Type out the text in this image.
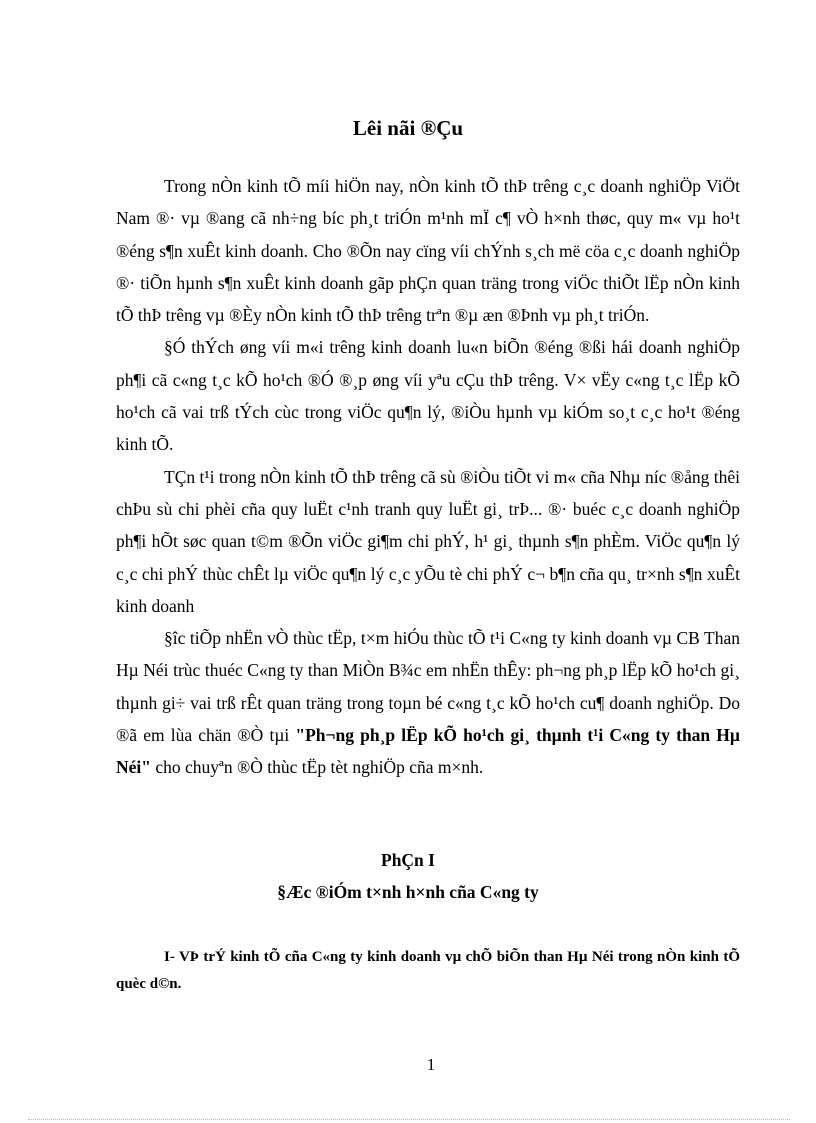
Lêi nãi ®Çu

Trong nÒn kinh tÕ míi hiÖn nay, nÒn kinh tÕ thÞ trêng c¸c doanh nghiÖp ViÖt Nam ®· vµ ®ang cã nh÷ng bíc ph¸t triÓn m¹nh mÏ c¶ vÒ h×nh thøc, quy m« vµ ho¹t ®éng s¶n xuÊt kinh doanh. Cho ®Õn nay cïng víi chÝnh s¸ch më cöa c¸c doanh nghiÖp ®· tiÕn hµnh s¶n xuÊt kinh doanh gãp phÇn quan träng trong viÖc thiÕt lËp nÒn kinh tÕ thÞ trêng vµ ®Èy nÒn kinh tÕ thÞ trêng trªn ®µ æn ®Þnh vµ ph¸t triÓn.

§Ó thÝch øng víi m«i trêng kinh doanh lu«n biÕn ®éng ®ßi hái doanh nghiÖp ph¶i cã c«ng t¸c kÕ ho¹ch ®Ó ®¸p øng víi yªu cÇu thÞ trêng. V× vËy c«ng t¸c lËp kÕ ho¹ch cã vai trß tÝch cùc trong viÖc qu¶n lý, ®iÒu hµnh vµ kiÓm so¸t c¸c ho¹t ®éng kinh tÕ.

TÇn t¹i trong nÒn kinh tÕ thÞ trêng cã sù ®iÒu tiÕt vi m« cña Nhµ níc ®ång thêi chÞu sù chi phèi cña quy luËt c¹nh tranh quy luËt gi¸ trÞ... ®· buéc c¸c doanh nghiÖp ph¶i hÕt søc quan t©m ®Õn viÖc gi¶m chi phÝ, h¹ gi¸ thµnh s¶n phÈm. ViÖc qu¶n lý c¸c chi phÝ thùc chÊt lµ viÖc qu¶n lý c¸c yÕu tè chi phÝ c¬ b¶n cña qu¸ tr×nh s¶n xuÊt kinh doanh

§îc tiÕp nhËn vÒ thùc tËp, t×m hiÓu thùc tÕ t¹i C«ng ty kinh doanh vµ CB Than Hµ Néi trùc thuéc C«ng ty than MiÒn B¾c em nhËn thÊy: ph¬ng ph¸p lËp kÕ ho¹ch gi¸ thµnh gi÷ vai trß rÊt quan träng trong toµn bé c«ng t¸c kÕ ho¹ch cu¶ doanh nghiÖp. Do ®ã em lùa chän ®Ò tµi "Ph¬ng ph¸p lËp kÕ ho¹ch gi¸ thµnh t¹i C«ng ty than Hµ Néi" cho chuyªn ®Ò thùc tËp tèt nghiÖp cña m×nh.

PhÇn I
§Æc ®iÓm t×nh h×nh cña C«ng ty

I- VÞ trÝ kinh tÕ cña C«ng ty kinh doanh vµ chÕ biÕn than Hµ Néi trong nÒn kinh tÕ quèc d©n.

1
